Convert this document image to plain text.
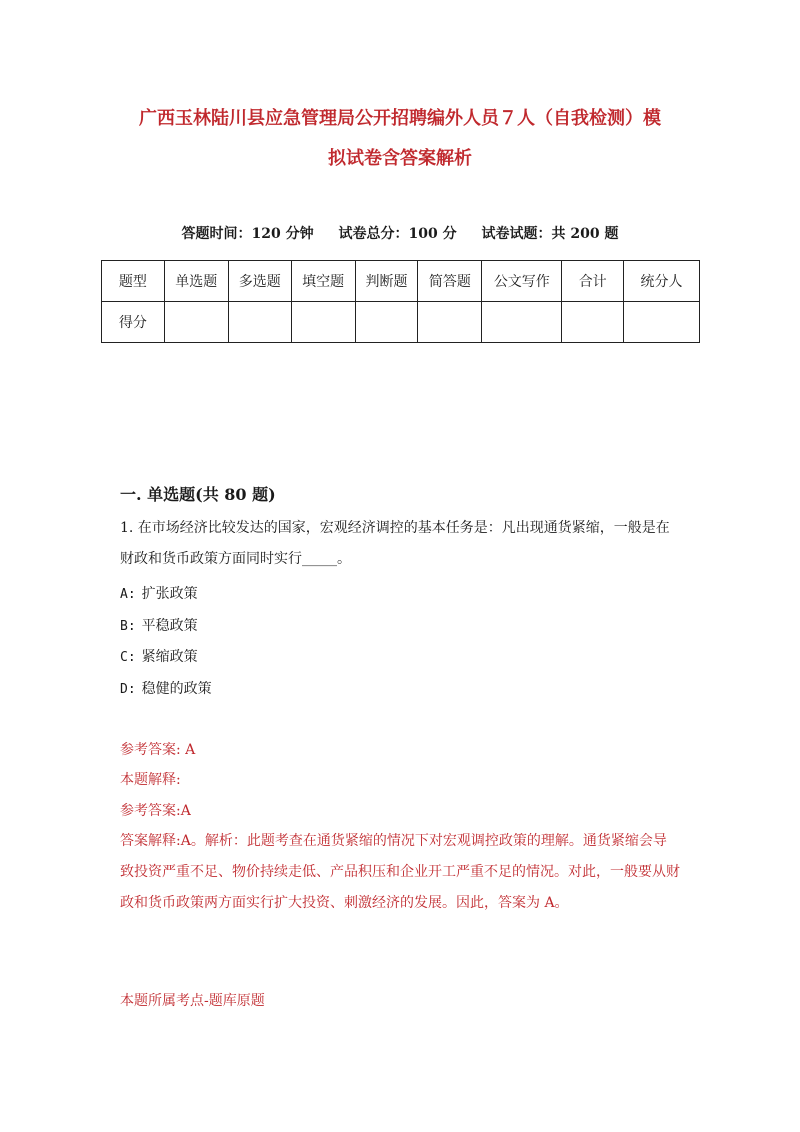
广西玉林陆川县应急管理局公开招聘编外人员７人（自我检测）模
拟试卷含答案解析
答题时间：120 分钟 试卷总分：100 分 试卷试题：共 200 题
题型	单选题	多选题	填空题	判断题	简答题	公文写作	合计	统分人
得分								
一. 单选题(共 80 题)
1. 在市场经济比较发达的国家，宏观经济调控的基本任务是：凡出现通货紧缩，一般是在财政和货币政策方面同时实行_____。
A: 扩张政策
B: 平稳政策
C: 紧缩政策
D: 稳健的政策
参考答案: A
本题解释:
参考答案:A
答案解释:A。解析：此题考查在通货紧缩的情况下对宏观调控政策的理解。通货紧缩会导致投资严重不足、物价持续走低、产品积压和企业开工严重不足的情况。对此，一般要从财政和货币政策两方面实行扩大投资、刺激经济的发展。因此，答案为 A。
本题所属考点-题库原题
